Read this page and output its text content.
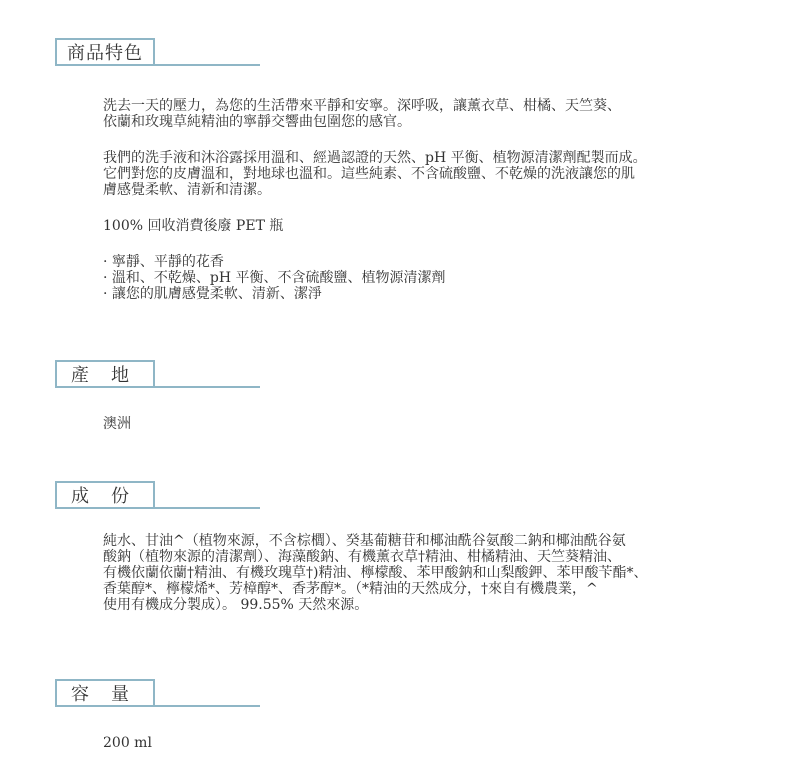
商品特色

洗去一天的壓力，為您的生活帶來平靜和安寧。深呼吸，讓薰衣草、柑橘、天竺葵、
依蘭和玫瑰草純精油的寧靜交響曲包圍您的感官。

我們的洗手液和沐浴露採用溫和、經過認證的天然、pH 平衡、植物源清潔劑配製而成。
它們對您的皮膚溫和，對地球也溫和。這些純素、不含硫酸鹽、不乾燥的洗液讓您的肌
膚感覺柔軟、清新和清潔。

100% 回收消費後廢 PET 瓶

· 寧靜、平靜的花香
· 溫和、不乾燥、pH 平衡、不含硫酸鹽、植物源清潔劑
· 讓您的肌膚感覺柔軟、清新、潔淨
產地

澳洲

成份

純水、甘油^（植物來源，不含棕櫚）、癸基葡糖苷和椰油酰谷氨酸二鈉和椰油酰谷氨
酸鈉（植物來源的清潔劑）、海藻酸鈉、有機薰衣草†精油、柑橘精油、天竺葵精油、
有機依蘭依蘭†精油、有機玫瑰草†)精油、檸檬酸、苯甲酸鈉和山梨酸鉀、苯甲酸苄酯*、
香葉醇*、檸檬烯*、芳樟醇*、香茅醇*。（*精油的天然成分，†來自有機農業，^
使用有機成分製成）。 99.55% 天然來源。

容量

200 ml
